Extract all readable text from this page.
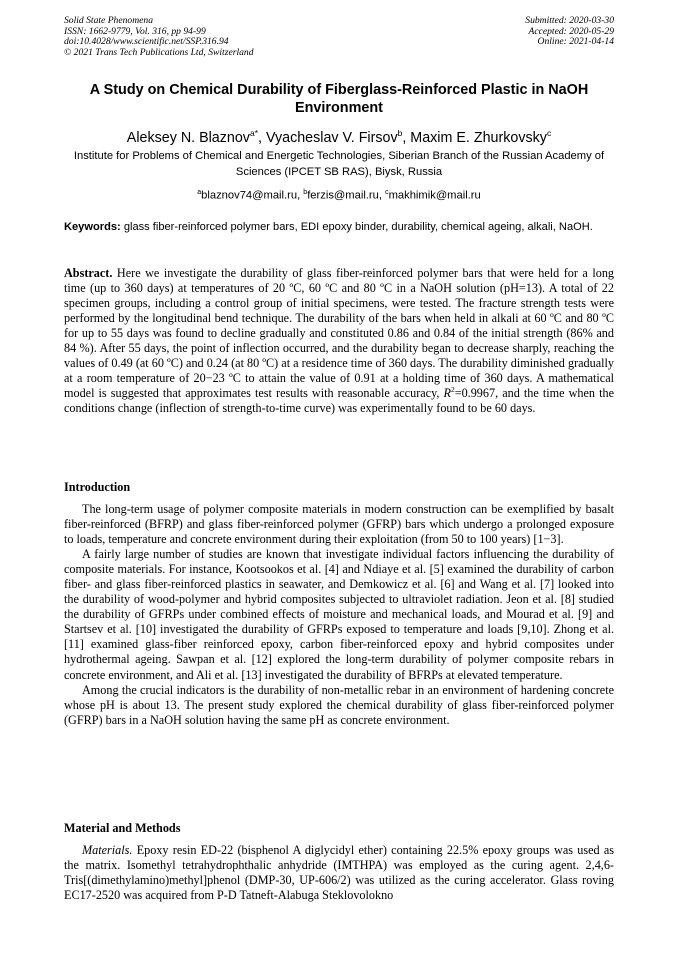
Solid State Phenomena
ISSN: 1662-9779, Vol. 316, pp 94-99
doi:10.4028/www.scientific.net/SSP.316.94
© 2021 Trans Tech Publications Ltd, Switzerland
Submitted: 2020-03-30
Accepted: 2020-05-29
Online: 2021-04-14
A Study on Chemical Durability of Fiberglass-Reinforced Plastic in NaOH Environment
Aleksey N. Blaznov$^{a*}$, Vyacheslav V. Firsov$^b$, Maxim E. Zhurkovsky$^c$
Institute for Problems of Chemical and Energetic Technologies, Siberian Branch of the Russian Academy of Sciences (IPCET SB RAS), Biysk, Russia
$^a$blaznov74@mail.ru, $^b$ferzis@mail.ru, $^c$makhimik@mail.ru
Keywords: glass fiber-reinforced polymer bars, EDI epoxy binder, durability, chemical ageing, alkali, NaOH.
Abstract. Here we investigate the durability of glass fiber-reinforced polymer bars that were held for a long time (up to 360 days) at temperatures of 20 ºC, 60 ºC and 80 ºC in a NaOH solution (pH=13). A total of 22 specimen groups, including a control group of initial specimens, were tested. The fracture strength tests were performed by the longitudinal bend technique. The durability of the bars when held in alkali at 60 ºC and 80 ºC for up to 55 days was found to decline gradually and constituted 0.86 and 0.84 of the initial strength (86% and 84 %). After 55 days, the point of inflection occurred, and the durability began to decrease sharply, reaching the values of 0.49 (at 60 ºC) and 0.24 (at 80 ºC) at a residence time of 360 days. The durability diminished gradually at a room temperature of 20−23 ºC to attain the value of 0.91 at a holding time of 360 days. A mathematical model is suggested that approximates test results with reasonable accuracy, $R^2=0.9967$, and the time when the conditions change (inflection of strength-to-time curve) was experimentally found to be 60 days.
Introduction

The long-term usage of polymer composite materials in modern construction can be exemplified by basalt fiber-reinforced (BFRP) and glass fiber-reinforced polymer (GFRP) bars which undergo a prolonged exposure to loads, temperature and concrete environment during their exploitation (from 50 to 100 years) [1−3].

A fairly large number of studies are known that investigate individual factors influencing the durability of composite materials. For instance, Kootsookos et al. [4] and Ndiaye et al. [5] examined the durability of carbon fiber- and glass fiber-reinforced plastics in seawater, and Demkowicz et al. [6] and Wang et al. [7] looked into the durability of wood-polymer and hybrid composites subjected to ultraviolet radiation. Jeon et al. [8] studied the durability of GFRPs under combined effects of moisture and mechanical loads, and Mourad et al. [9] and Startsev et al. [10] investigated the durability of GFRPs exposed to temperature and loads [9,10]. Zhong et al. [11] examined glass-fiber reinforced epoxy, carbon fiber-reinforced epoxy and hybrid composites under hydrothermal ageing. Sawpan et al. [12] explored the long-term durability of polymer composite rebars in concrete environment, and Ali et al. [13] investigated the durability of BFRPs at elevated temperature.

Among the crucial indicators is the durability of non-metallic rebar in an environment of hardening concrete whose pH is about 13. The present study explored the chemical durability of glass fiber-reinforced polymer (GFRP) bars in a NaOH solution having the same pH as concrete environment.

Material and Methods

Materials. Epoxy resin ED-22 (bisphenol A diglycidyl ether) containing 22.5% epoxy groups was used as the matrix. Isomethyl tetrahydrophthalic anhydride (IMTHPA) was employed as the curing agent. 2,4,6-Tris[(dimethylamino)methyl]phenol (DMP-30, UP-606/2) was utilized as the curing accelerator. Glass roving EC17-2520 was acquired from P-D Tatneft-Alabuga Steklovolokno
